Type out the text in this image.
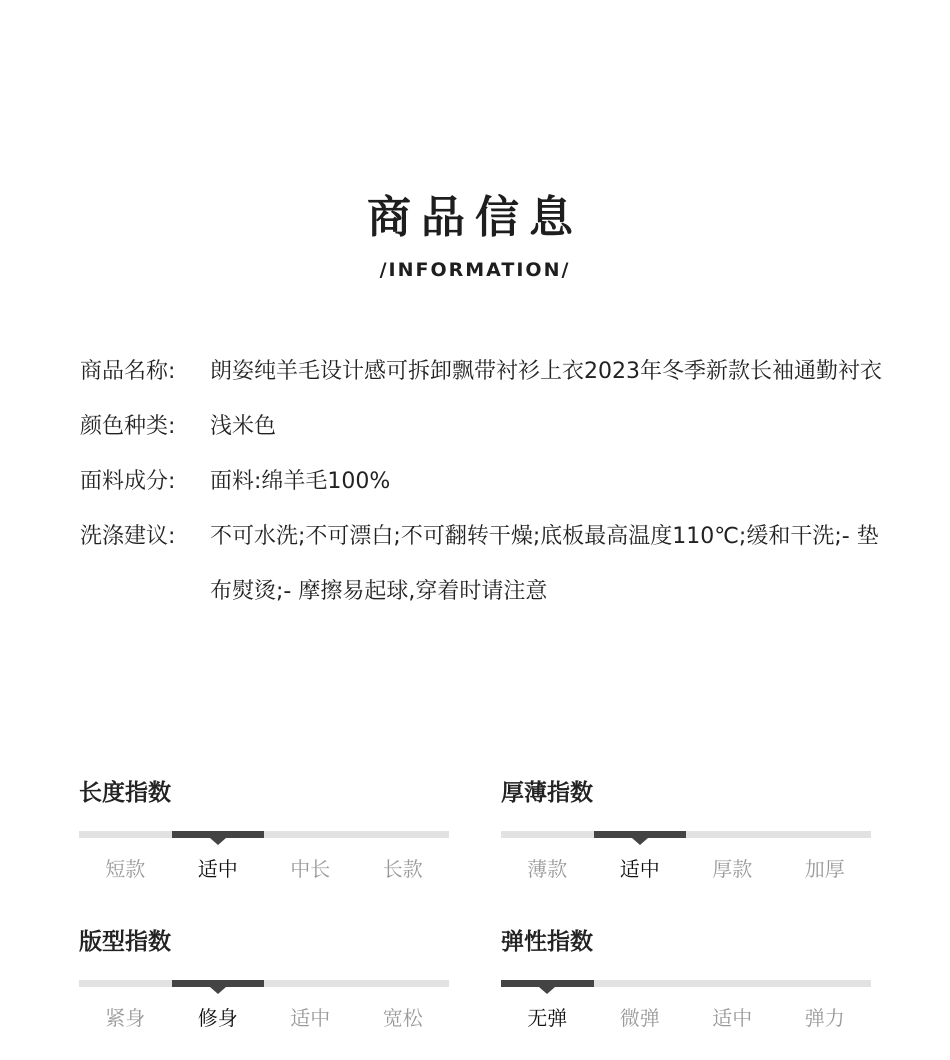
商品信息
/INFORMATION/
商品名称:	朗姿纯羊毛设计感可拆卸飘带衬衫上衣2023年冬季新款长袖通勤衬衣
颜色种类:	浅米色
面料成分:	面料:绵羊毛100%
洗涤建议:	不可水洗;不可漂白;不可翻转干燥;底板最高温度110℃;缓和干洗;- 垫布熨烫;- 摩擦易起球,穿着时请注意
长度指数
短款	适中	中长	长款
厚薄指数
薄款	适中	厚款	加厚
版型指数
紧身	修身	适中	宽松
弹性指数
无弹	微弹	适中	弹力
